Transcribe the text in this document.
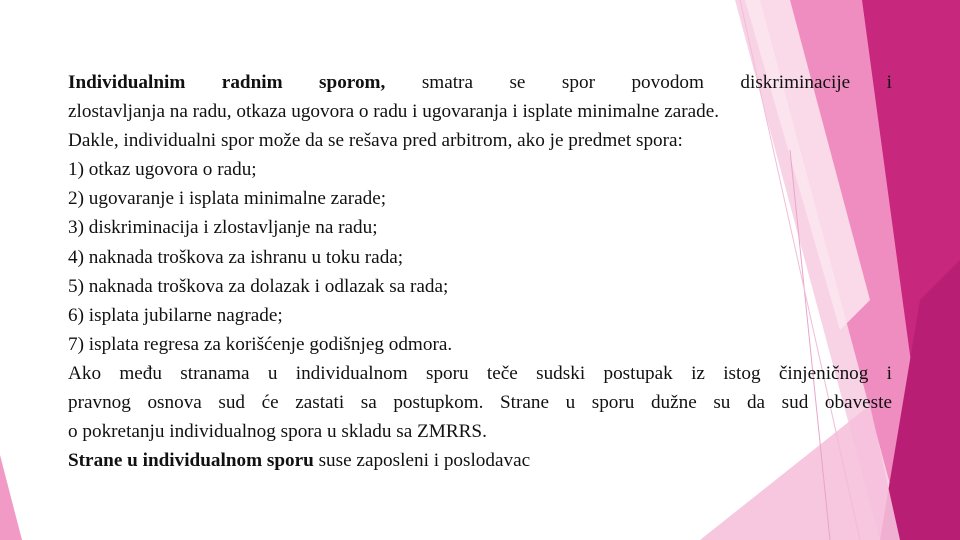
Individualnim radnim sporom, smatra se spor povodom diskriminacije i

zlostavljanja na radu, otkaza ugovora o radu i ugovaranja i isplate minimalne zarade.

Dakle, individualni spor može da se rešava pred arbitrom, ako je predmet spora:

1) otkaz ugovora o radu;

2) ugovaranje i isplata minimalne zarade;

3) diskriminacija i zlostavljanje na radu;

4) naknada troškova za ishranu u toku rada;

5) naknada troškova za dolazak i odlazak sa rada;

6) isplata jubilarne nagrade;

7) isplata regresa za korišćenje godišnjeg odmora.

Ako među stranama u individualnom sporu teče sudski postupak iz istog činjeničnog i

pravnog osnova sud će zastati sa postupkom. Strane u sporu dužne su da sud obaveste

o pokretanju individualnog spora u skladu sa ZMRRS.

Strane u individualnom sporu suse zaposleni i poslodavac
